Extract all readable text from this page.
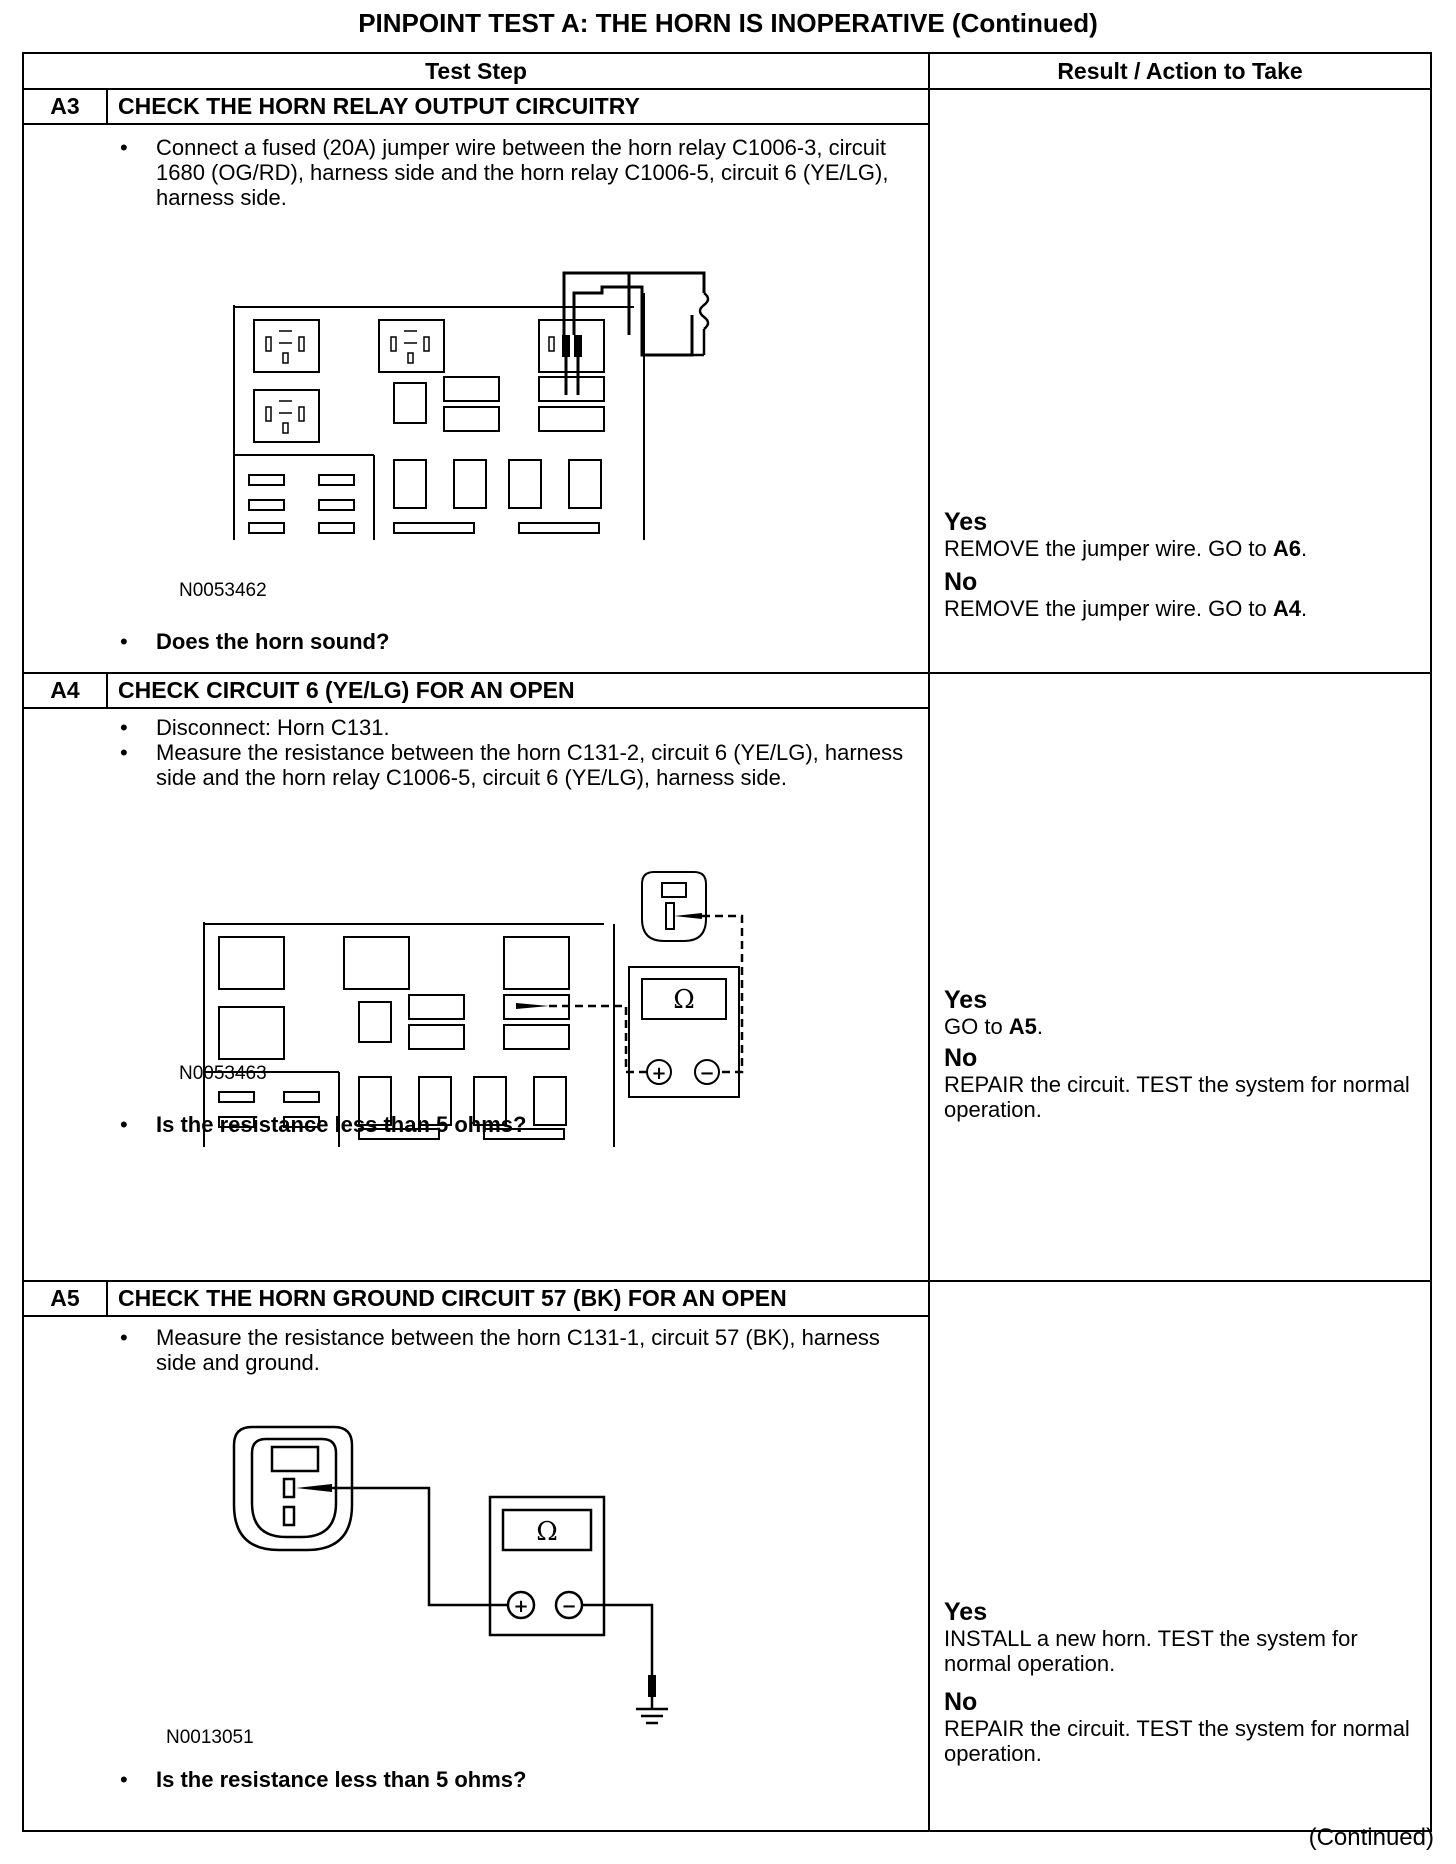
PINPOINT TEST A: THE HORN IS INOPERATIVE (Continued)
Test Step	Result / Action to Take
A3	CHECK THE HORN RELAY OUTPUT CIRCUITRY
• Connect a fused (20A) jumper wire between the horn relay C1006-3, circuit 1680 (OG/RD), harness side and the horn relay C1006-5, circuit 6 (YE/LG), harness side.
N0053462
• Does the horn sound?
Yes
REMOVE the jumper wire. GO to A6.
No
REMOVE the jumper wire. GO to A4.
A4	CHECK CIRCUIT 6 (YE/LG) FOR AN OPEN
• Disconnect: Horn C131.
• Measure the resistance between the horn C131-2, circuit 6 (YE/LG), harness side and the horn relay C1006-5, circuit 6 (YE/LG), harness side.
Ω
+ −
N0053463
• Is the resistance less than 5 ohms?
Yes
GO to A5.
No
REPAIR the circuit. TEST the system for normal operation.
A5	CHECK THE HORN GROUND CIRCUIT 57 (BK) FOR AN OPEN
• Measure the resistance between the horn C131-1, circuit 57 (BK), harness side and ground.
Ω
+ −
N0013051
• Is the resistance less than 5 ohms?
Yes
INSTALL a new horn. TEST the system for normal operation.
No
REPAIR the circuit. TEST the system for normal operation.
(Continued)
